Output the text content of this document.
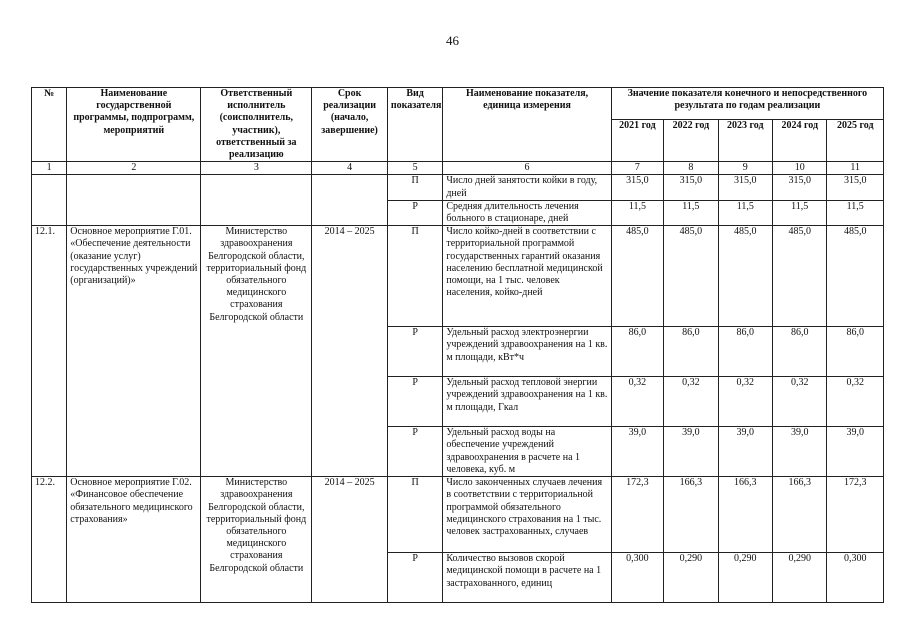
46
№	Наименование государственной программы, подпрограмм, мероприятий	Ответственный исполнитель (соисполнитель, участник), ответственный за реализацию	Срок реализации (начало, завершение)	Вид показателя	Наименование показателя, единица измерения	Значение показателя конечного и непосредственного результата по годам реализации				
						2021 год	2022 год	2023 год	2024 год	2025 год
1	2	3	4	5	6	7	8	9	10	11
				П	Число дней занятости койки в году, дней	315,0	315,0	315,0	315,0	315,0
				Р	Средняя длительность лечения больного в стационаре, дней	11,5	11,5	11,5	11,5	11,5
12.1.	Основное мероприятие Г.01. «Обеспечение деятельности (оказание услуг) государственных учреждений (организаций)»	Министерство здравоохранения Белгородской области, территориальный фонд обязательного медицинского страхования Белгородской области	2014 – 2025	П	Число койко-дней в соответствии с территориальной программой государственных гарантий оказания населению бесплатной медицинской помощи, на 1 тыс. человек населения, койко-дней	485,0	485,0	485,0	485,0	485,0
				Р	Удельный расход электроэнергии учреждений здравоохранения на 1 кв. м площади, кВт*ч	86,0	86,0	86,0	86,0	86,0
				Р	Удельный расход тепловой энергии учреждений здравоохранения на 1 кв. м площади, Гкал	0,32	0,32	0,32	0,32	0,32
				Р	Удельный расход воды на обеспечение учреждений здравоохранения в расчете на 1 человека, куб. м	39,0	39,0	39,0	39,0	39,0
12.2.	Основное мероприятие Г.02. «Финансовое обеспечение обязательного медицинского страхования»	Министерство здравоохранения Белгородской области, территориальный фонд обязательного медицинского страхования Белгородской области	2014 – 2025	П	Число законченных случаев лечения в соответствии с территориальной программой обязательного медицинского страхования на 1 тыс. человек застрахованных, случаев	172,3	166,3	166,3	166,3	172,3
				Р	Количество вызовов скорой медицинской помощи в расчете на 1 застрахованного, единиц	0,300	0,290	0,290	0,290	0,300
